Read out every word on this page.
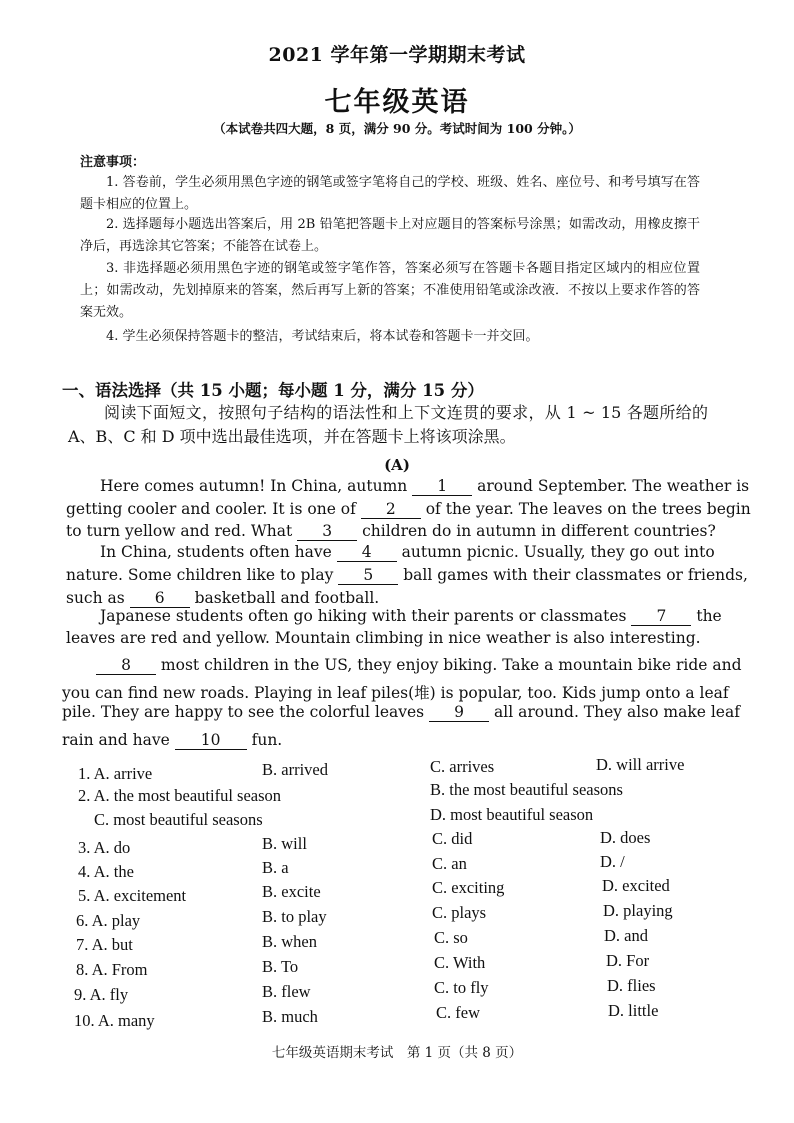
2021 学年第一学期期末考试
七年级英语
（本试卷共四大题，8 页，满分 90 分。考试时间为 100 分钟。）
注意事项：
1. 答卷前，学生必须用黑色字迹的钢笔或签字笔将自己的学校、班级、姓名、座位号、和考号填写在答题卡相应的位置上。
2. 选择题每小题选出答案后，用 2B 铅笔把答题卡上对应题目的答案标号涂黑；如需改动，用橡皮擦干净后，再选涂其它答案；不能答在试卷上。
3. 非选择题必须用黑色字迹的钢笔或签字笔作答，答案必须写在答题卡各题目指定区域内的相应位置上；如需改动，先划掉原来的答案，然后再写上新的答案；不准使用铅笔或涂改液．不按以上要求作答的答案无效。
4. 学生必须保持答题卡的整洁，考试结束后，将本试卷和答题卡一并交回。
一、语法选择（共 15 小题；每小题 1 分，满分 15 分）
阅读下面短文，按照句子结构的语法性和上下文连贯的要求，从 1 ~ 15 各题所给的 A、B、C 和 D 项中选出最佳选项，并在答题卡上将该项涂黑。
(A)
Here comes autumn! In China, autumn 1 around September. The weather is
getting cooler and cooler. It is one of 2 of the year. The leaves on the trees begin
to turn yellow and red. What 3 children do in autumn in different countries?
In China, students often have 4 autumn picnic. Usually, they go out into
nature. Some children like to play 5 ball games with their classmates or friends,
such as 6 basketball and football.
Japanese students often go hiking with their parents or classmates 7 the
leaves are red and yellow. Mountain climbing in nice weather is also interesting.
8 most children in the US, they enjoy biking. Take a mountain bike ride and
you can find new roads. Playing in leaf piles(堆) is popular, too. Kids jump onto a leaf
pile. They are happy to see the colorful leaves 9 all around. They also make leaf
rain and have 10 fun.
1. A. arrive	B. arrived	C. arrives	D. will arrive
2. A. the most beautiful season	B. the most beautiful seasons
C. most beautiful seasons	D. most beautiful season
3. A. do	B. will	C. did	D. does
4. A. the	B. a	C. an	D. /
5. A. excitement	B. excite	C. exciting	D. excited
6. A. play	B. to play	C. plays	D. playing
7. A. but	B. when	C. so	D. and
8. A. From	B. To	C. With	D. For
9. A. fly	B. flew	C. to fly	D. flies
10. A. many	B. much	C. few	D. little
七年级英语期末考试　第 1 页（共 8 页）
